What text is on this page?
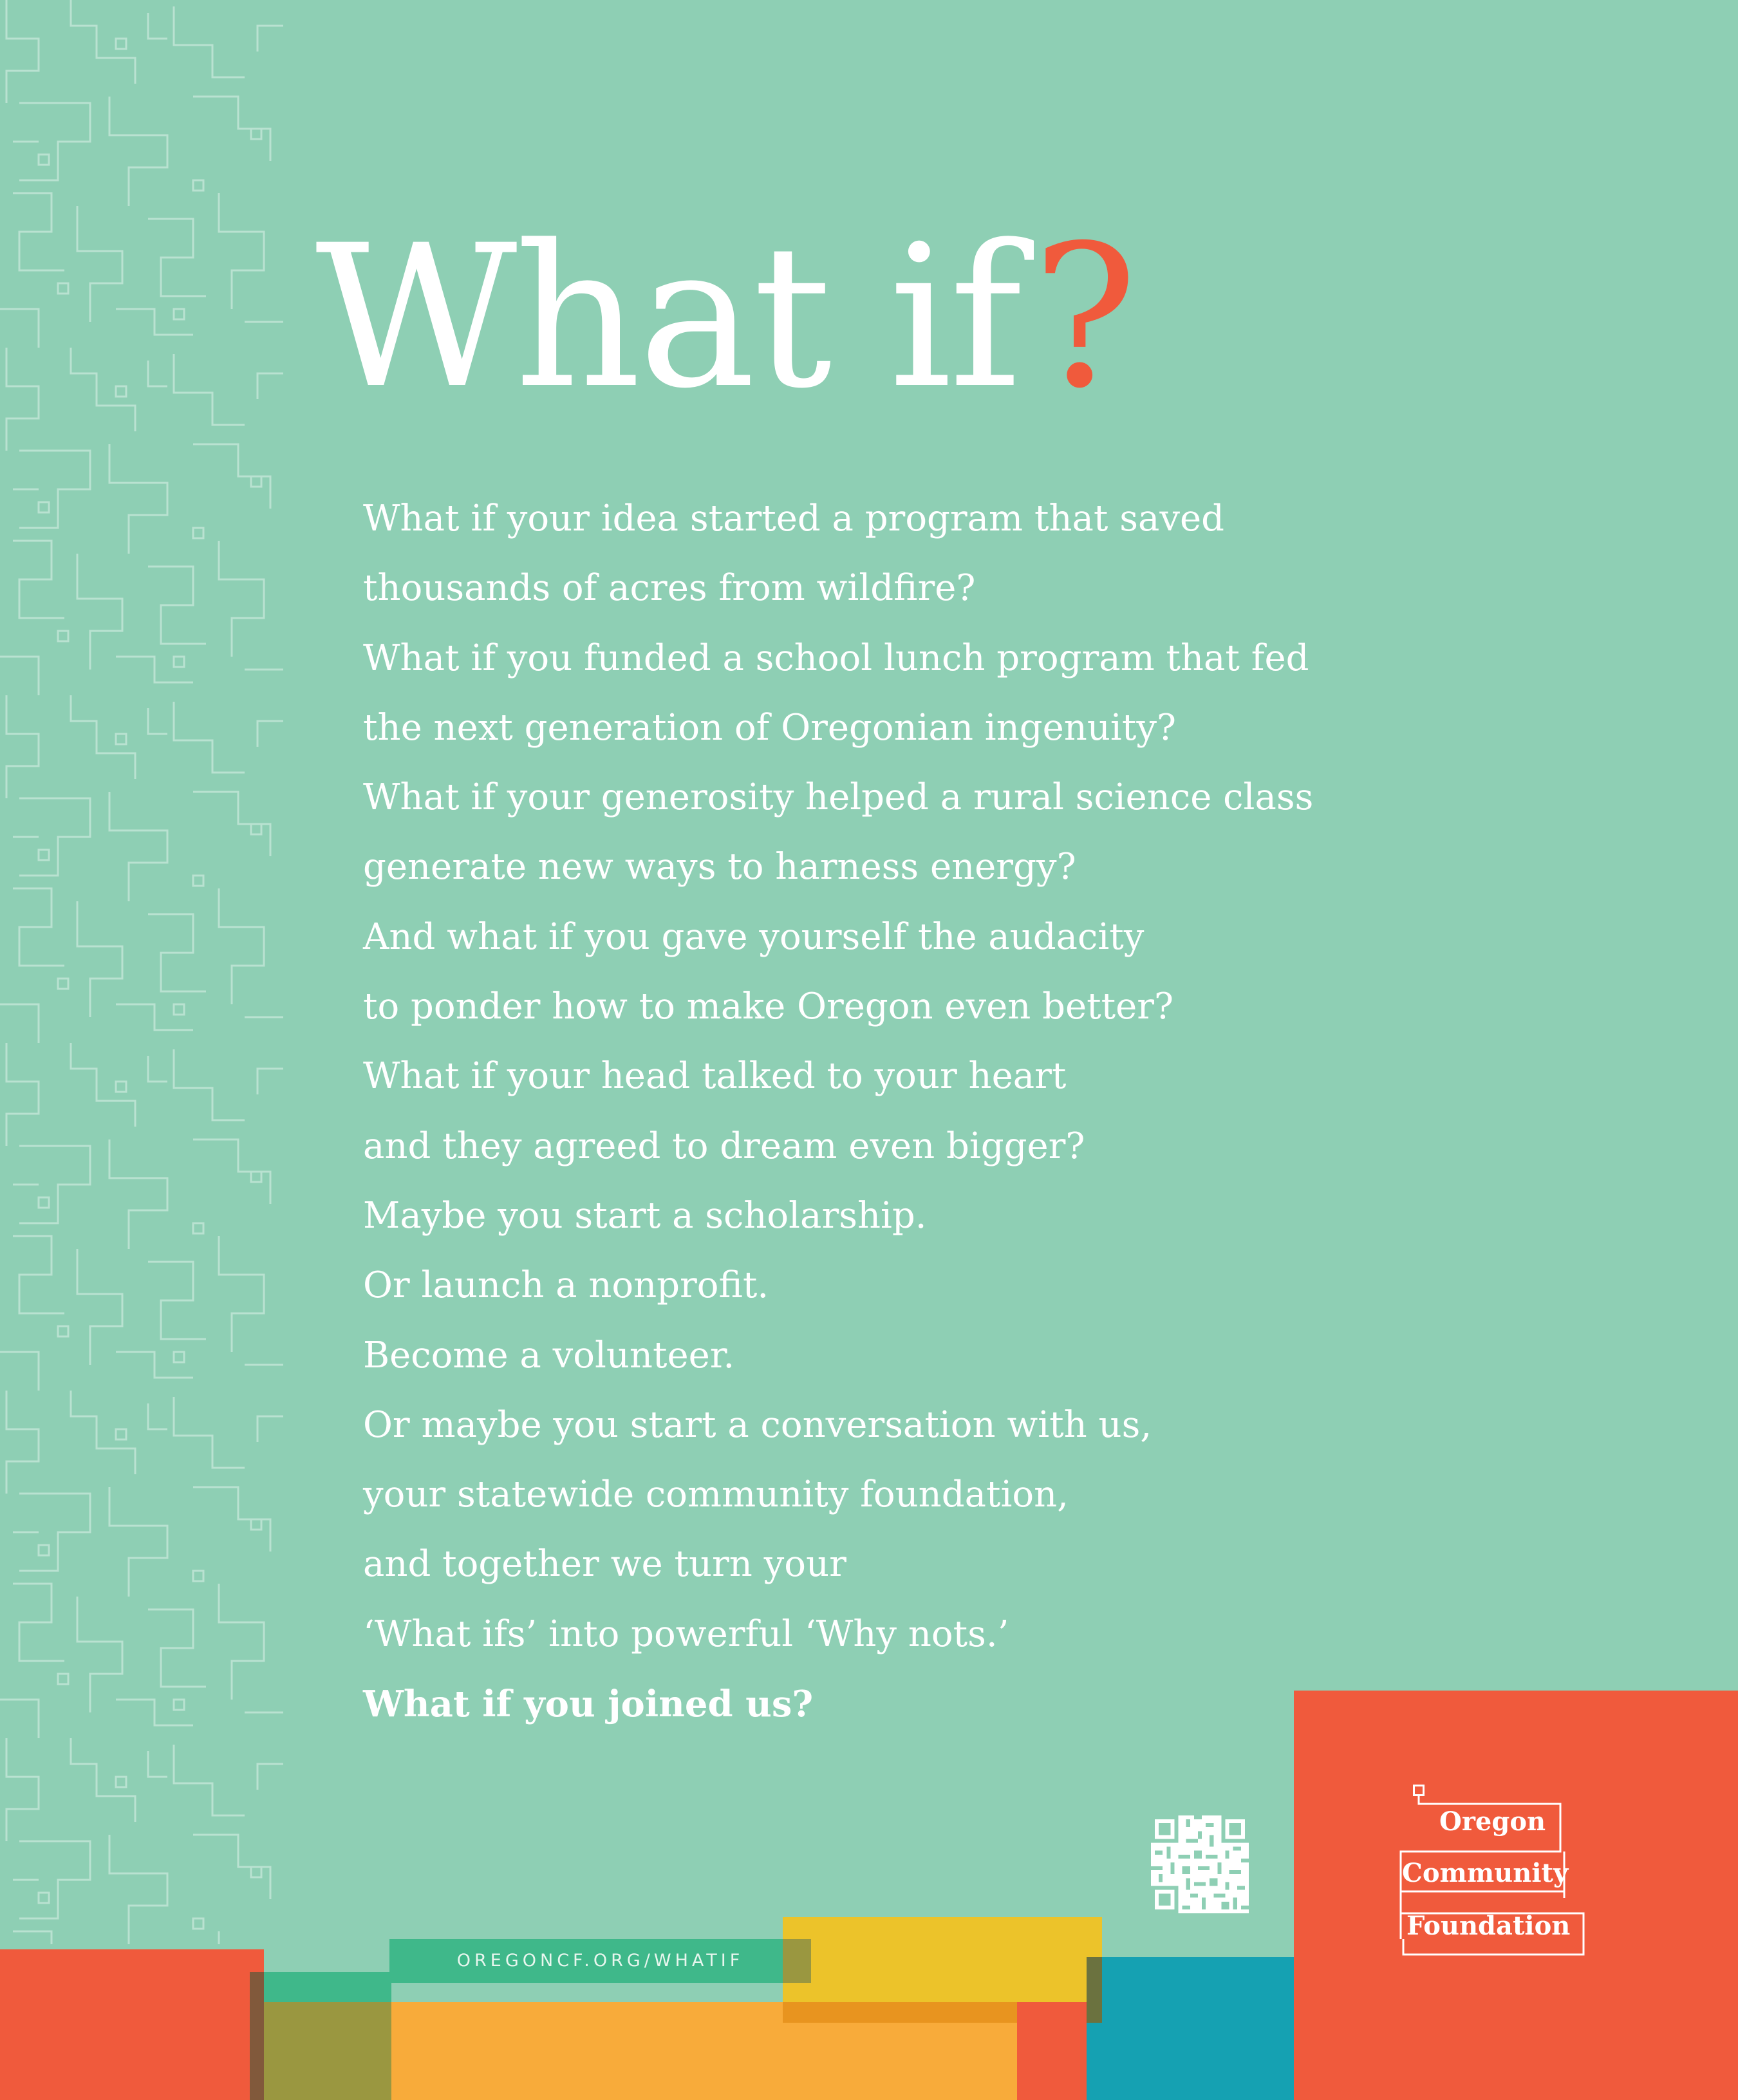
What if?
What if your idea started a program that saved
thousands of acres from wildfire?
What if you funded a school lunch program that fed
the next generation of Oregonian ingenuity?
What if your generosity helped a rural science class
generate new ways to harness energy?
And what if you gave yourself the audacity
to ponder how to make Oregon even better?
What if your head talked to your heart
and they agreed to dream even bigger?
Maybe you start a scholarship.
Or launch a nonprofit.
Become a volunteer.
Or maybe you start a conversation with us,
your statewide community foundation,
and together we turn your
‘What ifs’ into powerful ‘Why nots.’
What if you joined us?
OREGONCF.ORG/WHATIF
Oregon
Community
Foundation
